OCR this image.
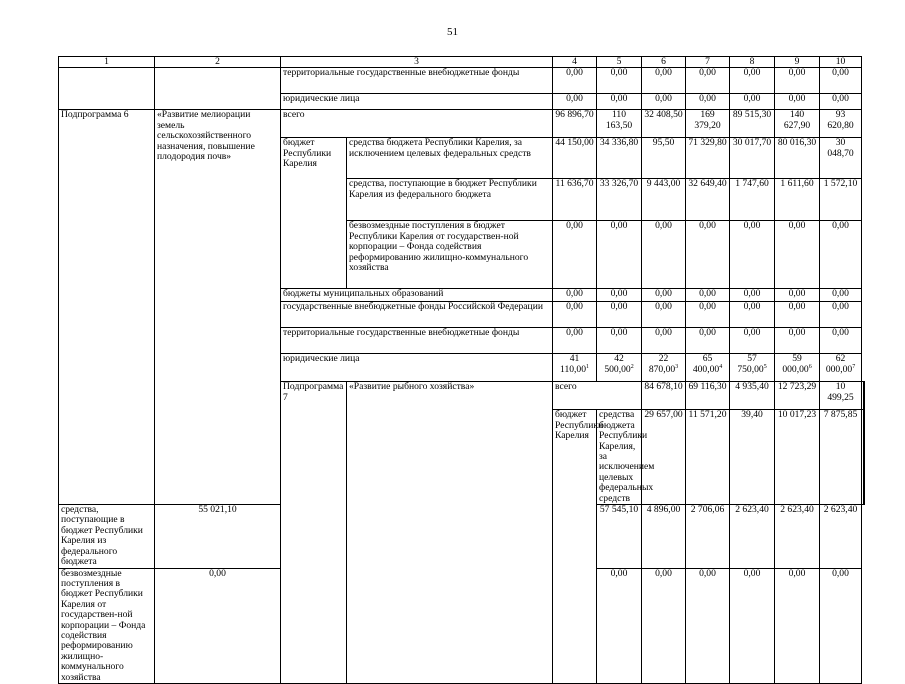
51
1	2	3		4	5	6	7	8	9	10		
		территориальные государственные внебюджетные фонды		0,00	0,00	0,00	0,00	0,00	0,00	0,00		
		юридические лица		0,00	0,00	0,00	0,00	0,00	0,00	0,00		
Подпрограмма 6	«Развитие мелиорации земель сельскохозяйственного назначения, повышение плодородия почв»	всего		96 896,70	110 163,50	32 408,50	169 379,20	89 515,30	140 627,90	93 620,80		
		бюджет Республики Карелия	средства бюджета Республики Карелия, за исключением целевых федеральных средств	44 150,00	34 336,80	95,50	71 329,80	30 017,70	80 016,30	30 048,70		
			средства, поступающие в бюджет Республики Карелия из федерального бюджета	11 636,70	33 326,70	9 443,00	32 649,40	1 747,60	1 611,60	1 572,10		
			безвозмездные поступления в бюджет Республики Карелия от государствен-ной корпорации – Фонда содействия реформированию жилищно-коммунального хозяйства	0,00	0,00	0,00	0,00	0,00	0,00	0,00		
		бюджеты муниципальных образований		0,00	0,00	0,00	0,00	0,00	0,00	0,00		
		государственные внебюджетные фонды Российской Федерации		0,00	0,00	0,00	0,00	0,00	0,00	0,00		
		территориальные государственные внебюджетные фонды		0,00	0,00	0,00	0,00	0,00	0,00	0,00		
		юридические лица		41 110,00$^1$	42 500,00$^2$	22 870,00$^3$	65 400,00$^4$	57 750,00$^5$	59 000,00$^6$	62 000,00$^7$
		Подпрограмма 7	«Развитие рыбного хозяйства»	всего		84 678,10	69 116,30	4 935,40	12 723,29	10 499,25		
				бюджет Республики Карелия	средства бюджета Республики Карелия, за исключением целевых федеральных средств	29 657,00	11 571,20	39,40	10 017,23	7 875,85		
средства, поступающие в бюджет Республики Карелия из федерального бюджета	55 021,10				57 545,10	4 896,00	2 706,06	2 623,40	2 623,40	2 623,40		
безвозмездные поступления в бюджет Республики Карелия от государствен-ной корпорации – Фонда содействия реформированию жилищно-коммунального хозяйства	0,00				0,00	0,00	0,00	0,00	0,00	0,00		
